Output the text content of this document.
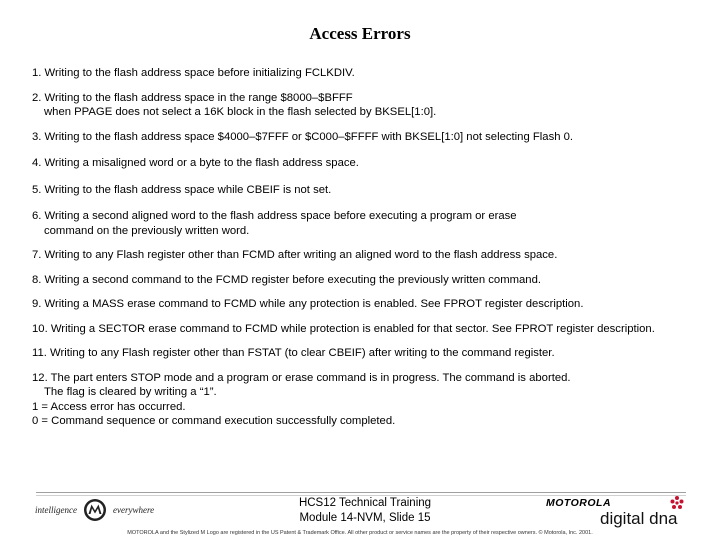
Access Errors
1. Writing to the flash address space before initializing FCLKDIV.
2. Writing to the flash address space in the range $8000–$BFFF
when PPAGE does not select a 16K block in the flash selected by BKSEL[1:0].
3. Writing to the flash address space $4000–$7FFF or $C000–$FFFF with BKSEL[1:0] not selecting Flash 0.
4. Writing a misaligned word or a byte to the flash address space.
5. Writing to the flash address space while CBEIF is not set.
6. Writing a second aligned word to the flash address space before executing a program or erase
command on the previously written word.
7. Writing to any Flash register other than FCMD after writing an aligned word to the flash address space.
8. Writing a second command to the FCMD register before executing the previously written command.
9. Writing a MASS erase command to FCMD while any protection is enabled. See FPROT register description.
10. Writing a SECTOR erase command to FCMD while protection is enabled for that sector. See FPROT register description.
11. Writing to any Flash register other than FSTAT (to clear CBEIF) after writing to the command register.
12. The part enters STOP mode and a program or erase command is in progress. The command is aborted.
The flag is cleared by writing a “1”.
1 = Access error has occurred.
0 = Command sequence or command execution successfully completed.
intelligence	everywhere
HCS12 Technical Training
Module 14-NVM, Slide 15
MOTOROLA
digital dna
MOTOROLA and the Stylized M Logo are registered in the US Patent & Trademark Office. All other product or service names are the property of their respective owners. © Motorola, Inc. 2001.
